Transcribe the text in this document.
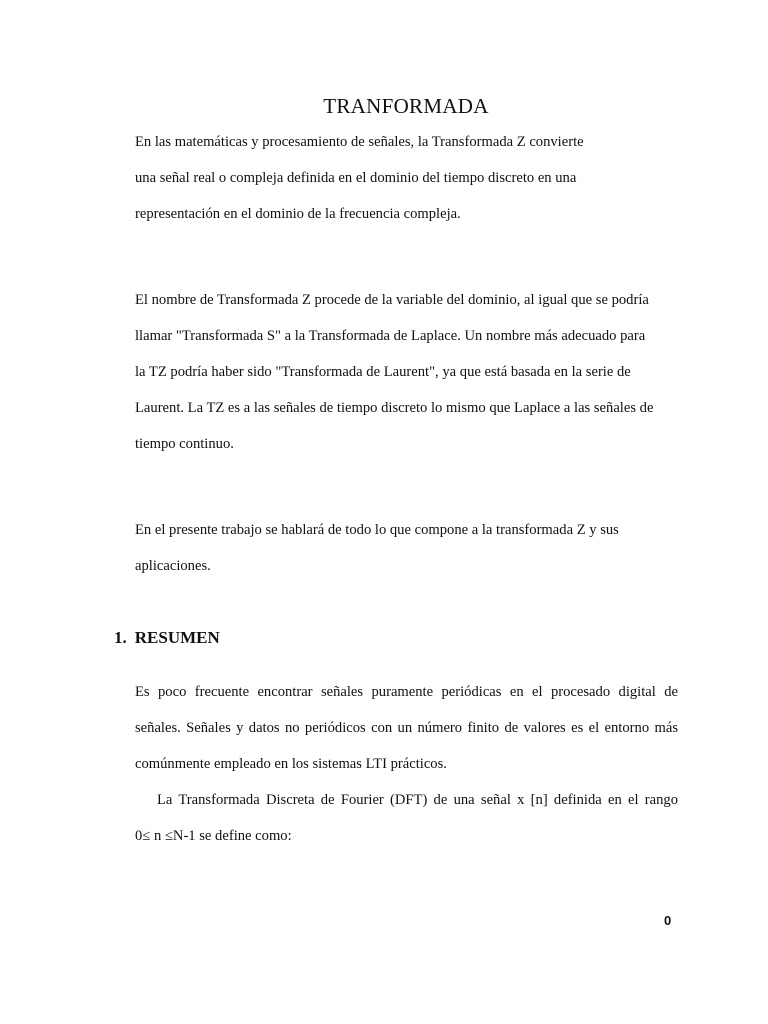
TRANFORMADA
En las matemáticas y procesamiento de señales, la Transformada Z convierte
una señal real o compleja definida en el dominio del tiempo discreto en una
representación en el dominio de la frecuencia compleja.
El nombre de Transformada Z procede de la variable del dominio, al igual que se podría
llamar "Transformada S" a la Transformada de Laplace. Un nombre más adecuado para
la TZ podría haber sido "Transformada de Laurent", ya que está basada en la serie de
Laurent. La TZ es a las señales de tiempo discreto lo mismo que Laplace a las señales de
tiempo continuo.
En el presente trabajo se hablará de todo lo que compone a la transformada Z y sus
aplicaciones.
1. RESUMEN
Es poco frecuente encontrar señales puramente periódicas en el procesado digital de
señales. Señales y datos no periódicos con un número finito de valores es el entorno más
comúnmente empleado en los sistemas LTI prácticos.
La Transformada Discreta de Fourier (DFT) de una señal x [n] definida en el rango
0≤ n ≤N-1 se define como:
0
